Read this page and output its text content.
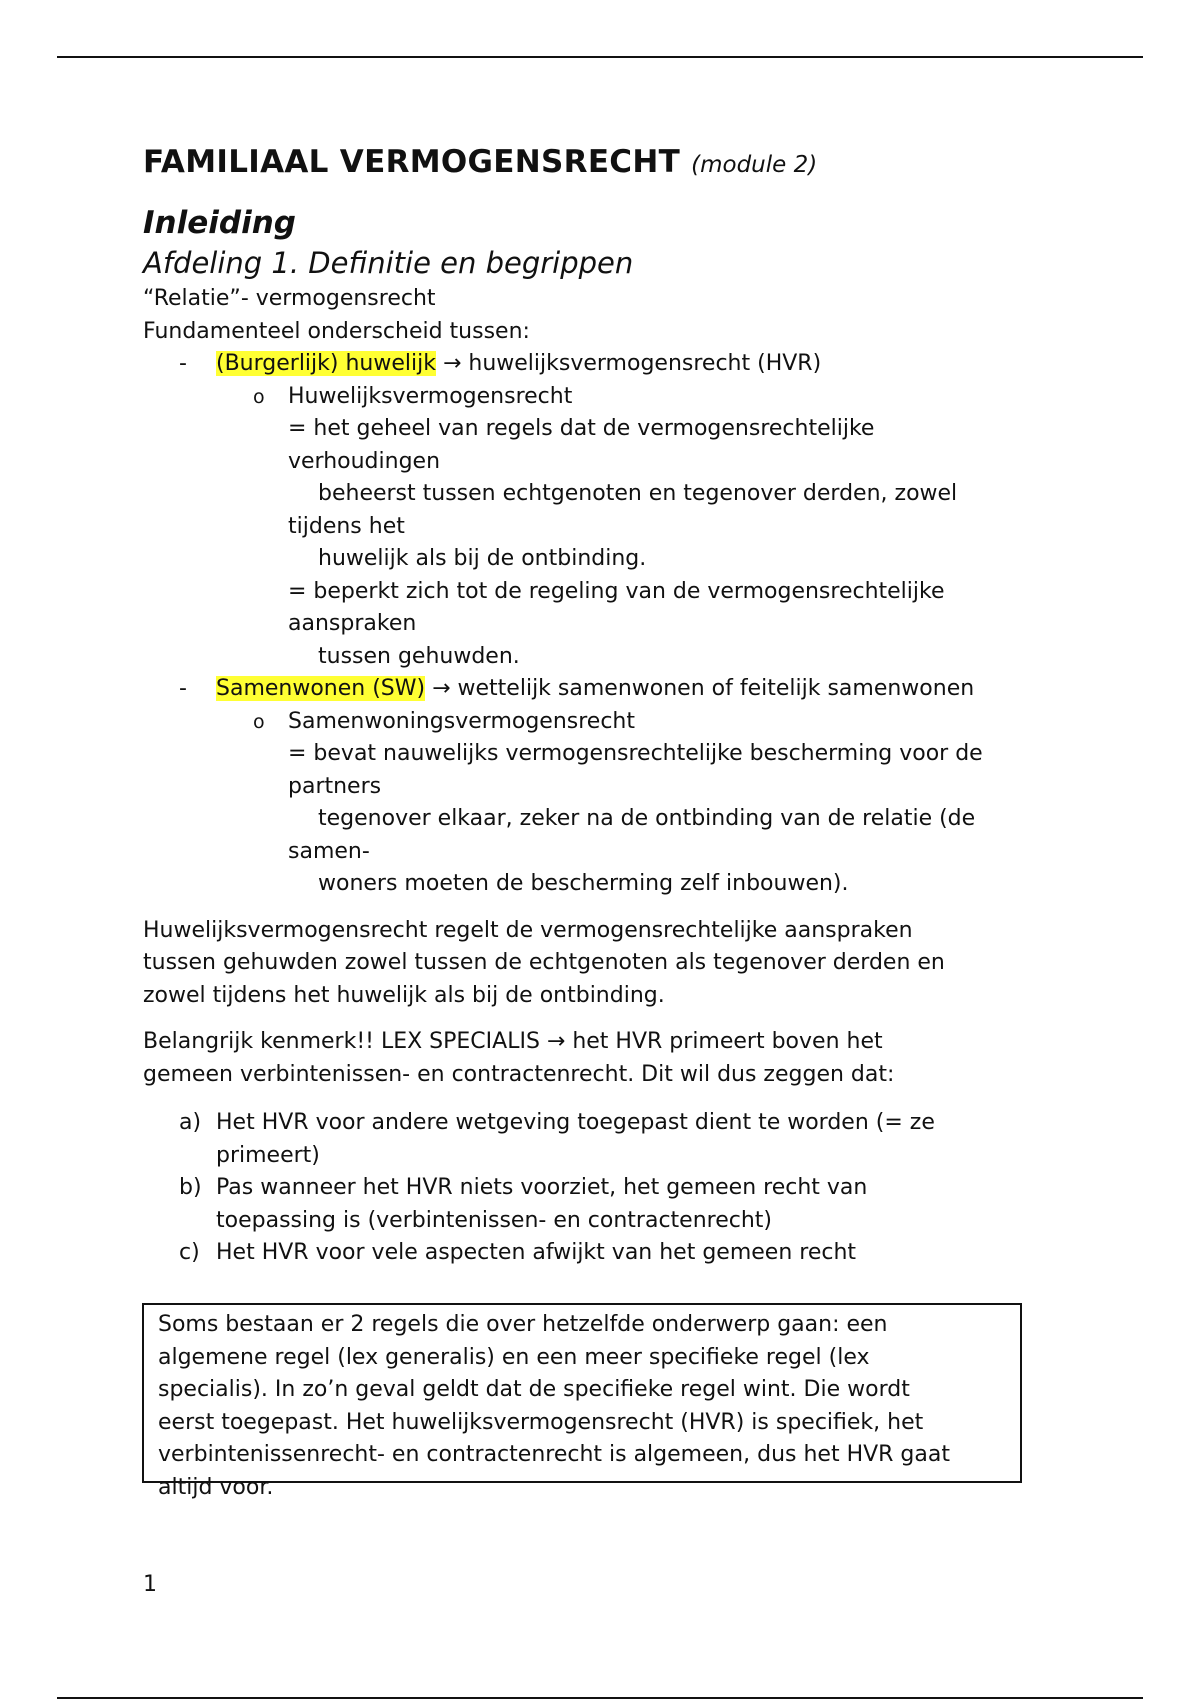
FAMILIAAL VERMOGENSRECHT (module 2)
Inleiding
Afdeling 1. Definitie en begrippen
“Relatie”- vermogensrecht
Fundamenteel onderscheid tussen:
- (Burgerlijk) huwelijk → huwelijksvermogensrecht (HVR)
o Huwelijksvermogensrecht
= het geheel van regels dat de vermogensrechtelijke
verhoudingen
beheerst tussen echtgenoten en tegenover derden, zowel
tijdens het
huwelijk als bij de ontbinding.
= beperkt zich tot de regeling van de vermogensrechtelijke
aanspraken
tussen gehuwden.
- Samenwonen (SW) → wettelijk samenwonen of feitelijk samenwonen
o Samenwoningsvermogensrecht
= bevat nauwelijks vermogensrechtelijke bescherming voor de
partners
tegenover elkaar, zeker na de ontbinding van de relatie (de
samen-
woners moeten de bescherming zelf inbouwen).
Huwelijksvermogensrecht regelt de vermogensrechtelijke aanspraken
tussen gehuwden zowel tussen de echtgenoten als tegenover derden en
zowel tijdens het huwelijk als bij de ontbinding.
Belangrijk kenmerk!! LEX SPECIALIS → het HVR primeert boven het
gemeen verbintenissen- en contractenrecht. Dit wil dus zeggen dat:
a) Het HVR voor andere wetgeving toegepast dient te worden (= ze
primeert)
b) Pas wanneer het HVR niets voorziet, het gemeen recht van
toepassing is (verbintenissen- en contractenrecht)
c) Het HVR voor vele aspecten afwijkt van het gemeen recht
Soms bestaan er 2 regels die over hetzelfde onderwerp gaan: een
algemene regel (lex generalis) en een meer specifieke regel (lex
specialis). In zo’n geval geldt dat de specifieke regel wint. Die wordt
eerst toegepast. Het huwelijksvermogensrecht (HVR) is specifiek, het
verbintenissenrecht- en contractenrecht is algemeen, dus het HVR gaat
altijd voor.
1
